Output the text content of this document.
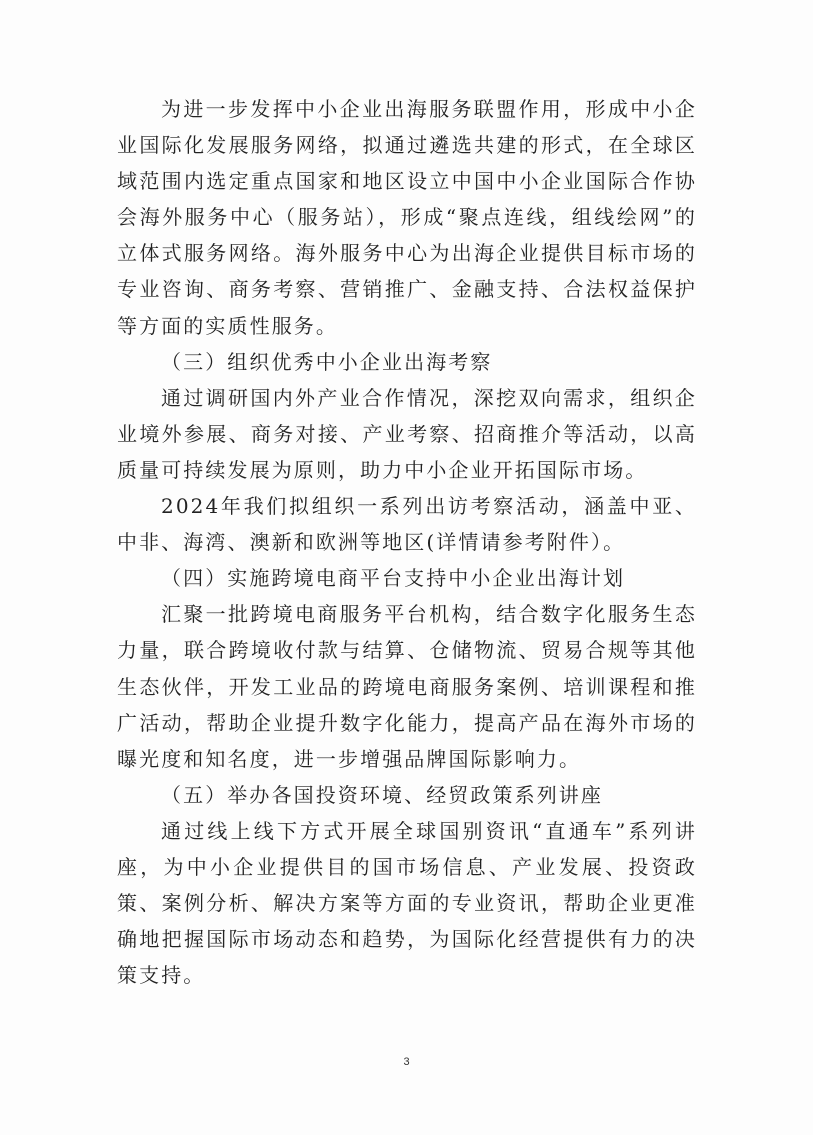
为进一步发挥中小企业出海服务联盟作用，形成中小企业国际化发展服务网络，拟通过遴选共建的形式，在全球区域范围内选定重点国家和地区设立中国中小企业国际合作协会海外服务中心（服务站），形成“聚点连线，组线绘网”的立体式服务网络。海外服务中心为出海企业提供目标市场的专业咨询、商务考察、营销推广、金融支持、合法权益保护等方面的实质性服务。

（三）组织优秀中小企业出海考察

通过调研国内外产业合作情况，深挖双向需求，组织企业境外参展、商务对接、产业考察、招商推介等活动，以高质量可持续发展为原则，助力中小企业开拓国际市场。

2024年我们拟组织一系列出访考察活动，涵盖中亚、中非、海湾、澳新和欧洲等地区(详情请参考附件）。

（四）实施跨境电商平台支持中小企业出海计划

汇聚一批跨境电商服务平台机构，结合数字化服务生态力量，联合跨境收付款与结算、仓储物流、贸易合规等其他生态伙伴，开发工业品的跨境电商服务案例、培训课程和推广活动，帮助企业提升数字化能力，提高产品在海外市场的曝光度和知名度，进一步增强品牌国际影响力。

（五）举办各国投资环境、经贸政策系列讲座

通过线上线下方式开展全球国别资讯“直通车”系列讲座，为中小企业提供目的国市场信息、产业发展、投资政策、案例分析、解决方案等方面的专业资讯，帮助企业更准确地把握国际市场动态和趋势，为国际化经营提供有力的决策支持。

3
